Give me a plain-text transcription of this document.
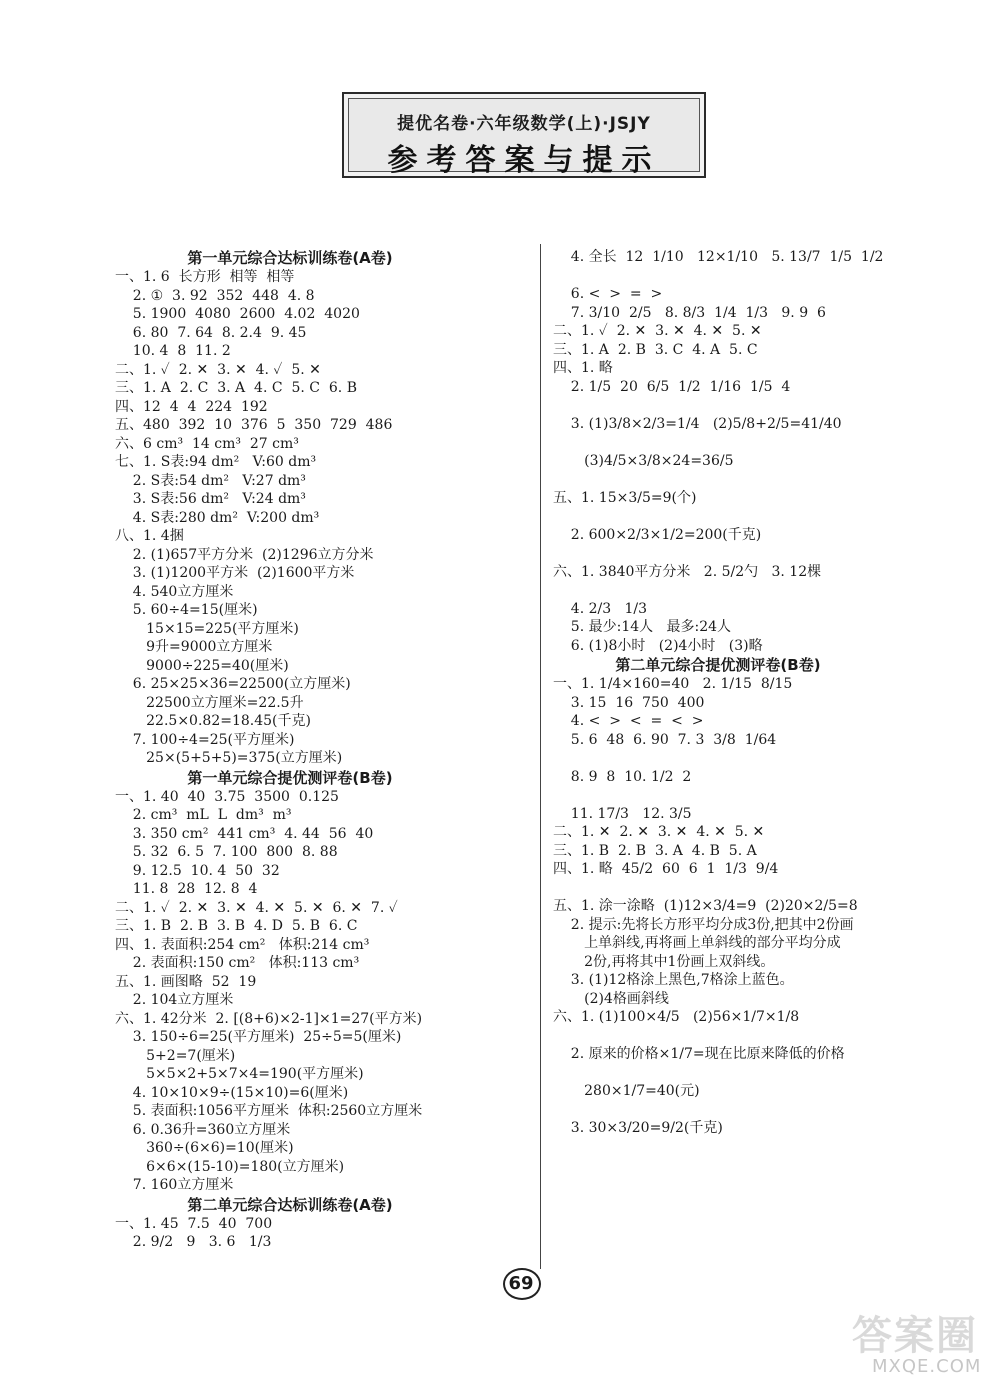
提优名卷·六年级数学(上)·JSJY
参考答案与提示
第一单元综合达标训练卷(A卷)
一、1. 6  长方形  相等  相等
2. ①  3. 92  352  448  4. 8
5. 1900  4080  2600  4.02  4020
6. 80  7. 64  8. 2.4  9. 45
10. 4  8  11. 2
二、1. ✓  2. ✕  3. ✕  4. ✓  5. ✕
三、1. A  2. C  3. A  4. C  5. C  6. B
四、12  4  4  224  192
五、480  392  10  376  5  350  729  486
六、6 cm³  14 cm³  27 cm³
七、1. S表:94 dm²   V:60 dm³
2. S表:54 dm²   V:27 dm³
3. S表:56 dm²   V:24 dm³
4. S表:280 dm²  V:200 dm³
八、1. 4捆
2. (1)657平方分米  (2)1296立方分米
3. (1)1200平方米  (2)1600平方米
4. 540立方厘米
5. 60÷4=15(厘米)
15×15=225(平方厘米)
9升=9000立方厘米
9000÷225=40(厘米)
6. 25×25×36=22500(立方厘米)
22500立方厘米=22.5升
22.5×0.82=18.45(千克)
7. 100÷4=25(平方厘米)
25×(5+5+5)=375(立方厘米)
第一单元综合提优测评卷(B卷)
一、1. 40  40  3.75  3500  0.125
2. cm³  mL  L  dm³  m³
3. 350 cm²  441 cm³  4. 44  56  40
5. 32  6. 5  7. 100  800  8. 88
9. 12.5  10. 4  50  32
11. 8  28  12. 8  4
二、1. ✓  2. ✕  3. ✕  4. ✕  5. ✕  6. ✕  7. ✓
三、1. B  2. B  3. B  4. D  5. B  6. C
四、1. 表面积:254 cm²   体积:214 cm³
2. 表面积:150 cm²   体积:113 cm³
五、1. 画图略  52  19
2. 104立方厘米
六、1. 42分米  2. [(8+6)×2-1]×1=27(平方米)
3. 150÷6=25(平方厘米)  25÷5=5(厘米)
5+2=7(厘米)
5×5×2+5×7×4=190(平方厘米)
4. 10×10×9÷(15×10)=6(厘米)
5. 表面积:1056平方厘米  体积:2560立方厘米
6. 0.36升=360立方厘米
360÷(6×6)=10(厘米)
6×6×(15-10)=180(立方厘米)
7. 160立方厘米
第二单元综合达标训练卷(A卷)
一、1. 45  7.5  40  700
2. 9/2   9   3. 6   1/3
4. 全长  12  1/10   12×1/10   5. 13/7  1/5  1/2
6. <  >  =  >
7. 3/10  2/5   8. 8/3  1/4  1/3   9. 9  6
二、1. ✓  2. ✕  3. ✕  4. ✕  5. ✕
三、1. A  2. B  3. C  4. A  5. C
四、1. 略
2. 1/5  20  6/5  1/2  1/16  1/5  4
3. (1)3/8×2/3=1/4   (2)5/8+2/5=41/40
(3)4/5×3/8×24=36/5
五、1. 15×3/5=9(个)
2. 600×2/3×1/2=200(千克)
六、1. 3840平方分米   2. 5/2勺   3. 12棵
4. 2/3   1/3
5. 最少:14人   最多:24人
6. (1)8小时   (2)4小时   (3)略
第二单元综合提优测评卷(B卷)
一、1. 1/4×160=40   2. 1/15  8/15
3. 15  16  750  400
4. <  >  <  =  <  >
5. 6  48  6. 90  7. 3  3/8  1/64
8. 9  8  10. 1/2  2
11. 17/3   12. 3/5
二、1. ✕  2. ✕  3. ✕  4. ✕  5. ✕
三、1. B  2. B  3. A  4. B  5. A
四、1. 略  45/2  60  6  1  1/3  9/4
五、1. 涂一涂略  (1)12×3/4=9  (2)20×2/5=8
2. 提示:先将长方形平均分成3份,把其中2份画
上单斜线,再将画上单斜线的部分平均分成
2份,再将其中1份画上双斜线。
3. (1)12格涂上黑色,7格涂上蓝色。
(2)4格画斜线
六、1. (1)100×4/5   (2)56×1/7×1/8
2. 原来的价格×1/7=现在比原来降低的价格
280×1/7=40(元)
3. 30×3/20=9/2(千克)
69
答案圈
MXQE.COM
